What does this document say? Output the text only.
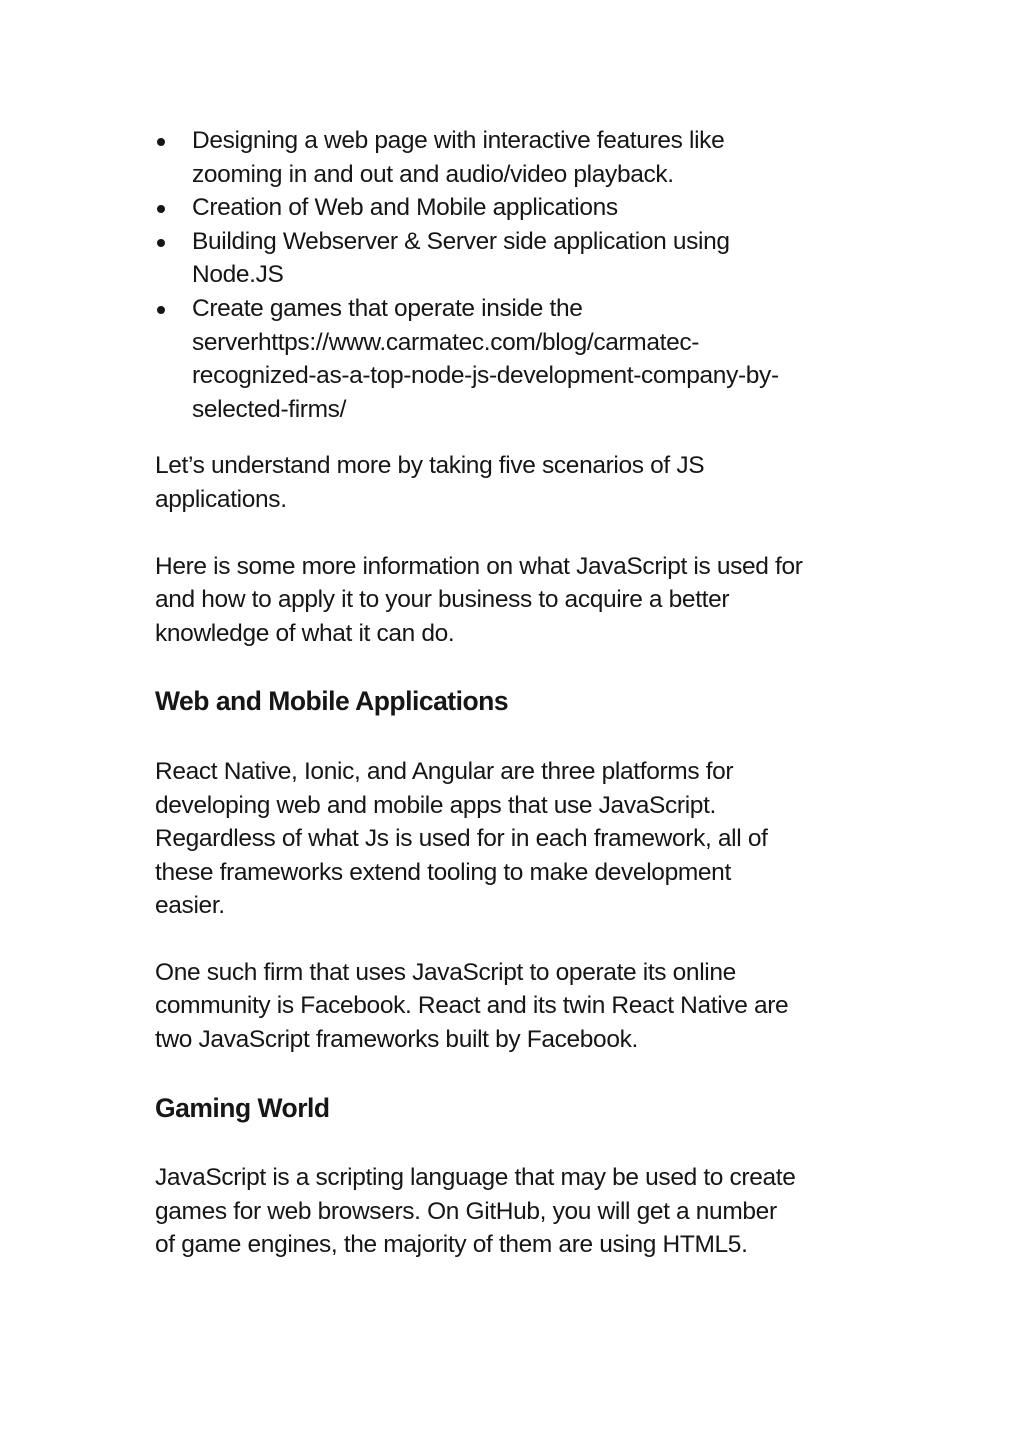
Designing a web page with interactive features like
zooming in and out and audio/video playback.
Creation of Web and Mobile applications
Building Webserver & Server side application using
Node.JS
Create games that operate inside the
serverhttps://www.carmatec.com/blog/carmatec-
recognized-as-a-top-node-js-development-company-by-
selected-firms/
Let’s understand more by taking five scenarios of JS
applications.
Here is some more information on what JavaScript is used for
and how to apply it to your business to acquire a better
knowledge of what it can do.
Web and Mobile Applications
React Native, Ionic, and Angular are three platforms for
developing web and mobile apps that use JavaScript.
Regardless of what Js is used for in each framework, all of
these frameworks extend tooling to make development
easier.
One such firm that uses JavaScript to operate its online
community is Facebook. React and its twin React Native are
two JavaScript frameworks built by Facebook.
Gaming World
JavaScript is a scripting language that may be used to create
games for web browsers. On GitHub, you will get a number
of game engines, the majority of them are using HTML5.
